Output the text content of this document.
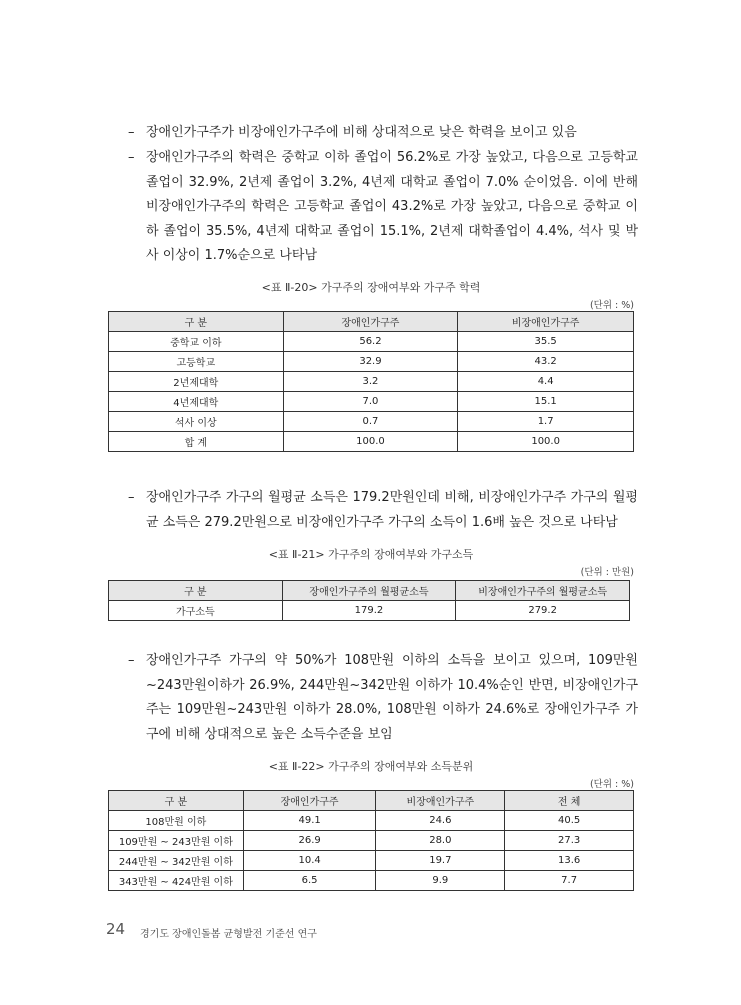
– 장애인가구주가 비장애인가구주에 비해 상대적으로 낮은 학력을 보이고 있음
– 장애인가구주의 학력은 중학교 이하 졸업이 56.2%로 가장 높았고, 다음으로 고등학교 졸업이 32.9%, 2년제 졸업이 3.2%, 4년제 대학교 졸업이 7.0% 순이었음. 이에 반해 비장애인가구주의 학력은 고등학교 졸업이 43.2%로 가장 높았고, 다음으로 중학교 이하 졸업이 35.5%, 4년제 대학교 졸업이 15.1%, 2년제 대학졸업이 4.4%, 석사 및 박사 이상이 1.7%순으로 나타남
<표 Ⅱ-20> 가구주의 장애여부와 가구주 학력
(단위 : %)
구 분	장애인가구주	비장애인가구주
중학교 이하	56.2	35.5
고등학교	32.9	43.2
2년제대학	3.2	4.4
4년제대학	7.0	15.1
석사 이상	0.7	1.7
합 계	100.0	100.0
– 장애인가구주 가구의 월평균 소득은 179.2만원인데 비해, 비장애인가구주 가구의 월평균 소득은 279.2만원으로 비장애인가구주 가구의 소득이 1.6배 높은 것으로 나타남
<표 Ⅱ-21> 가구주의 장애여부와 가구소득
(단위 : 만원)
구 분	장애인가구주의 월평균소득	비장애인가구주의 월평균소득
가구소득	179.2	279.2
– 장애인가구주 가구의 약 50%가 108만원 이하의 소득을 보이고 있으며, 109만원~243만원이하가 26.9%, 244만원~342만원 이하가 10.4%순인 반면, 비장애인가구주는 109만원~243만원 이하가 28.0%, 108만원 이하가 24.6%로 장애인가구주 가구에 비해 상대적으로 높은 소득수준을 보임
<표 Ⅱ-22> 가구주의 장애여부와 소득분위
(단위 : %)
구 분	장애인가구주	비장애인가구주	전 체
108만원 이하	49.1	24.6	40.5
109만원 ~ 243만원 이하	26.9	28.0	27.3
244만원 ~ 342만원 이하	10.4	19.7	13.6
343만원 ~ 424만원 이하	6.5	9.9	7.7
24 경기도 장애인돌봄 균형발전 기준선 연구
